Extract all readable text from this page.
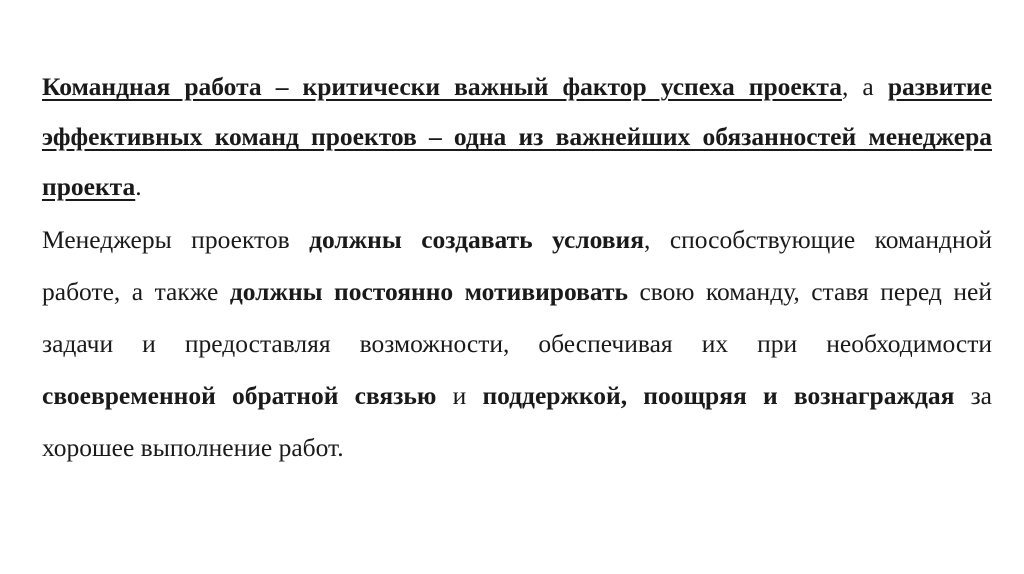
Командная работа – критически важный фактор успеха проекта, а развитие эффективных команд проектов – одна из важнейших обязанностей менеджера проекта.

Менеджеры проектов должны создавать условия, способствующие командной работе, а также должны постоянно мотивировать свою команду, ставя перед ней задачи и предоставляя возможности, обеспечивая их при необходимости своевременной обратной связью и поддержкой, поощряя и вознаграждая за хорошее выполнение работ.
